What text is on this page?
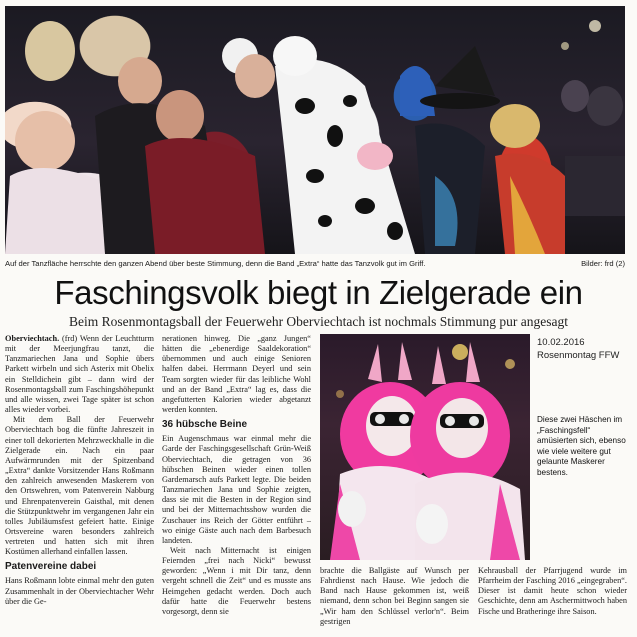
Auf der Tanzfläche herrschte den ganzen Abend über beste Stimmung, denn die Band „Extra“ hatte das Tanzvolk gut im Griff.	Bilder: frd (2)
Faschingsvolk biegt in Zielgerade ein
Beim Rosenmontagsball der Feuerwehr Oberviechtach ist nochmals Stimmung pur angesagt

Oberviechtach. (frd) Wenn der Leuchtturm mit der Meerjungfrau tanzt, die Tanzmariechen Jana und Sophie übers Parkett wirbeln und sich Asterix mit Obelix ein Stelldichein gibt – dann wird der Rosenmontagsball zum Faschingshöhepunkt und alle wissen, zwei Tage später ist schon alles wieder vorbei.

Mit dem Ball der Feuerwehr Oberviechtach bog die fünfte Jahreszeit in einer toll dekorierten Mehrzweckhalle in die Zielgerade ein. Nach ein paar Aufwärmrunden mit der Spitzenband „Extra“ dankte Vorsitzender Hans Roßmann den zahlreich anwesenden Maskerern von den Ortswehren, vom Patenverein Nabburg und Ehrenpatenverein Gaisthal, mit denen die Stützpunktwehr im vergangenen Jahr ein tolles Jubiläumsfest gefeiert hatte. Einige Ortsvereine waren besonders zahlreich vertreten und hatten sich mit ihren Kostümen allerhand einfallen lassen.

Patenvereine dabei

Hans Roßmann lobte einmal mehr den guten Zusammenhalt in der Oberviechtacher Wehr über die Ge-

nerationen hinweg. Die „ganz Jungen“ hätten die „ebenerdige Saaldekoration“ übernommen und auch einige Senioren halfen dabei. Herrmann Deyerl und sein Team sorgten wieder für das leibliche Wohl und an der Band „Extra“ lag es, dass die angefutterten Kalorien wieder abgetanzt werden konnten.

36 hübsche Beine

Ein Augenschmaus war einmal mehr die Garde der Faschingsgesellschaft Grün-Weiß Oberviechtach, die getragen von 36 hübschen Beinen wieder einen tollen Gardemarsch aufs Parkett legte. Die beiden Tanzmariechen Jana und Sophie zeigten, dass sie mit die Besten in der Region sind und bei der Mitternachtsshow wurden die Zuschauer ins Reich der Götter entführt – wo einige Gäste auch nach dem Barbesuch landeten.

Weit nach Mitternacht ist einigen Feiernden „frei nach Nicki“ bewusst geworden: „Wenn i mit Dir tanz, denn vergeht schnell die Zeit“ und es musste ans Heimgehen gedacht werden. Doch auch dafür hatte die Feuerwehr bestens vorgesorgt, denn sie

10.02.2016
Rosenmontag FFW
Diese zwei Häschen im „Faschingsfell“ amüsierten sich, ebenso wie viele weitere gut gelaunte Maskerer bestens.

brachte die Ballgäste auf Wunsch per Fahrdienst nach Hause. Wie jedoch die Band nach Hause gekommen ist, weiß niemand, denn schon bei Beginn sangen sie „Wir ham den Schlüssel verlor'n“. Beim gestrigen

Kehrausball der Pfarrjugend wurde im Pfarrheim der Fasching 2016 „eingegraben“. Dieser ist damit heute schon wieder Geschichte, denn am Aschermittwoch haben Fische und Bratheringe ihre Saison.
